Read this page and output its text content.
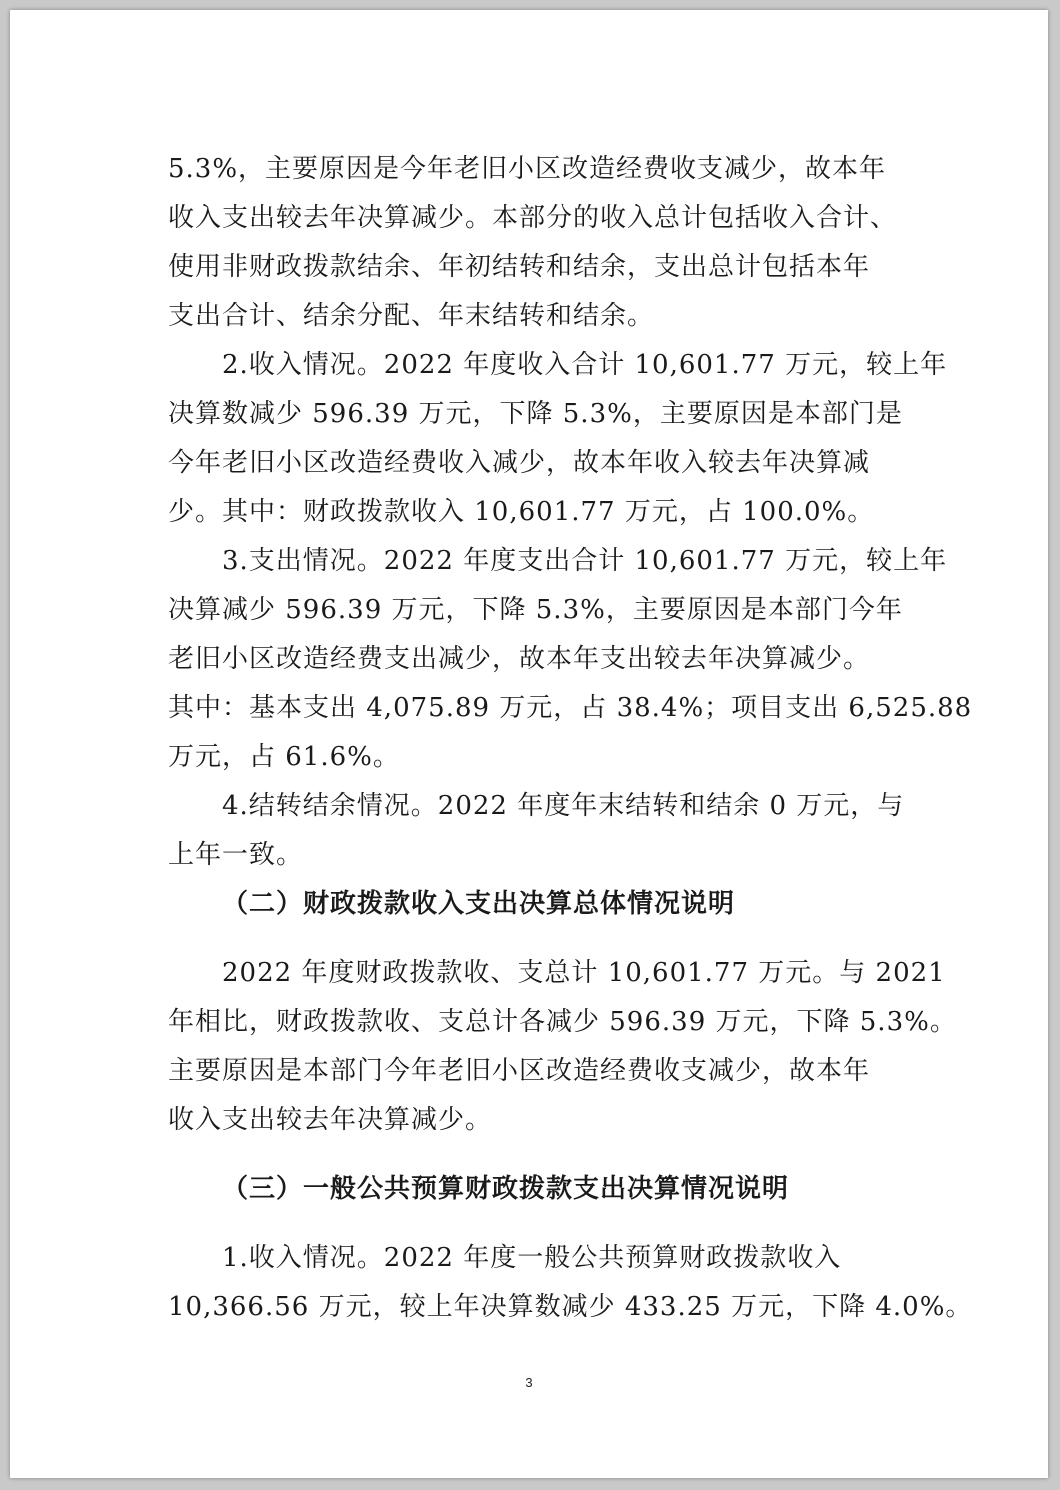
5.3%，主要原因是今年老旧小区改造经费收支减少，故本年
收入支出较去年决算减少。本部分的收入总计包括收入合计、
使用非财政拨款结余、年初结转和结余，支出总计包括本年
支出合计、结余分配、年末结转和结余。
2.收入情况。2022 年度收入合计 10,601.77 万元，较上年
决算数减少 596.39 万元，下降 5.3%，主要原因是本部门是
今年老旧小区改造经费收入减少，故本年收入较去年决算减
少。其中：财政拨款收入 10,601.77 万元，占 100.0%。
3.支出情况。2022 年度支出合计 10,601.77 万元，较上年
决算减少 596.39 万元，下降 5.3%，主要原因是本部门今年
老旧小区改造经费支出减少，故本年支出较去年决算减少。
其中：基本支出 4,075.89 万元，占 38.4%；项目支出 6,525.88
万元，占 61.6%。
4.结转结余情况。2022 年度年末结转和结余 0 万元，与
上年一致。
（二）财政拨款收入支出决算总体情况说明
2022 年度财政拨款收、支总计 10,601.77 万元。与 2021
年相比，财政拨款收、支总计各减少 596.39 万元，下降 5.3%。
主要原因是本部门今年老旧小区改造经费收支减少，故本年
收入支出较去年决算减少。
（三）一般公共预算财政拨款支出决算情况说明
1.收入情况。2022 年度一般公共预算财政拨款收入
10,366.56 万元，较上年决算数减少 433.25 万元，下降 4.0%。
3
